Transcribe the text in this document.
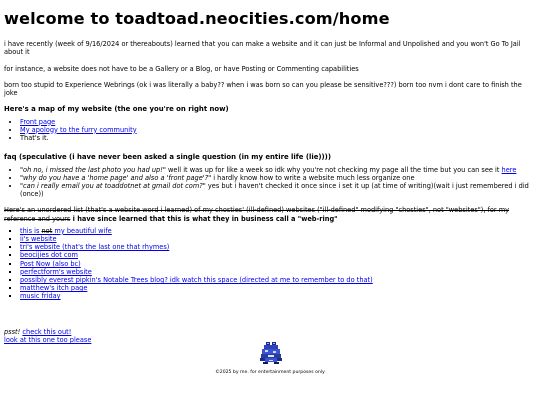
welcome to toadtoad.neocities.com/home

i have recently (week of 9/16/2024 or thereabouts) learned that you can make a website and it can just be Informal and Unpolished and you won't Go To Jail about it

for instance, a website does not have to be a Gallery or a Blog, or have Posting or Commenting capabilities

born too stupid to Experience Webrings (ok i was literally a baby?? when i was born so can you please be sensitive???) born too nvm i dont care to finish the joke

Here's a map of my website (the one you're on right now)
• Front page
• My apology to the furry community
• That's it.
faq (speculative (i have never been asked a single question (in my entire life (lie))))
• "oh no, i missed the last photo you had up!" well it was up for like a week so idk why you're not checking my page all the time but you can see it here
• "why do you have a 'home page' and also a 'front page'?" i hardly know how to write a website much less organize one
• "can i really email you at toaddotnet at gmail dot com?" yes but i haven't checked it once since i set it up (at time of writing)(wait i just remembered i did (once))

Here's an unordered list (that's a website word i learned) of my chosties' (ill-defined) websites ("ill-defined" modifying "chosties", not "websites"), for my reference and yours i have since learned that this is what they in business call a "web-ring"

▪ this is not my beautiful wife
▪ ii's website
▪ tri's website (that's the last one that rhymes)
▪ beocijies dot com
▪ Post Now (also bc)
▪ perfectform's website
▪ possibly everest pipkin's Notable Trees blog? idk watch this space (directed at me to remember to do that)
▪ matthew's itch page
▪ music friday

psst! check this out!

look at this one too please

©2025 by me. for entertainment purposes only
